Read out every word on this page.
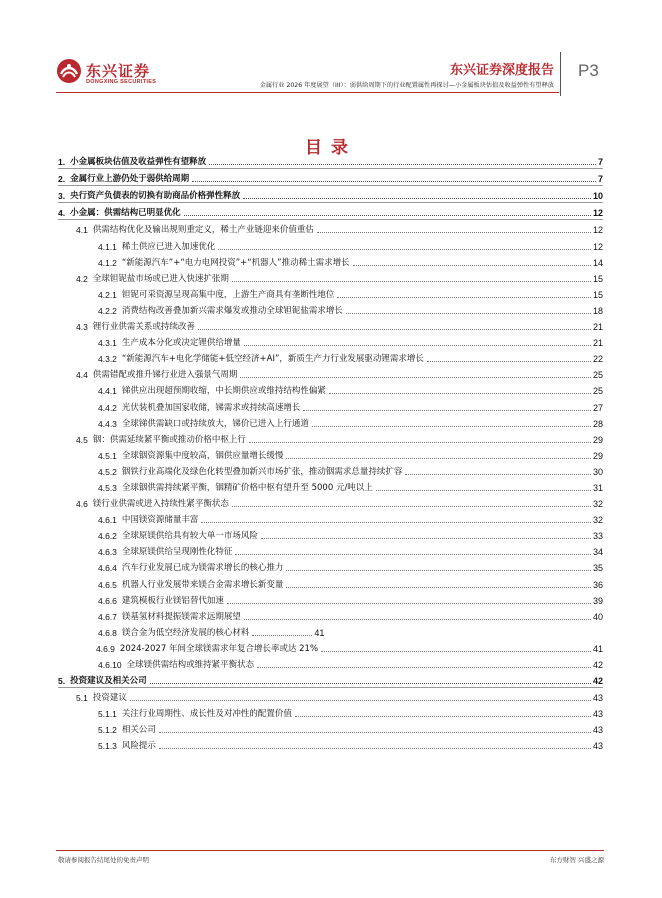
东兴证券
DONGXING SECURITIES
东兴证券深度报告 P3
金属行业 2026 年度展望（III）：弱供给周期下的行业配置属性再探讨—小金属板块估值及收益弹性有望释放
目录
1. 小金属板块估值及收益弹性有望释放	7
2. 金属行业上游仍处于弱供给周期	7
3. 央行资产负债表的切换有助商品价格弹性释放	10
4. 小金属：供需结构已明显优化	12
4.1 供需结构优化及输出规则重定义，稀土产业链迎来价值重估	12
4.1.1 稀土供应已进入加速优化	12
4.1.2 “新能源汽车”+“电力电网投资”+“机器人”推动稀土需求增长	14
4.2 全球钽铌盐市场或已进入快速扩张期	15
4.2.1 钽铌可采资源呈现高集中度，上游生产商具有垄断性地位	15
4.2.2 消费结构改善叠加新兴需求爆发或推动全球钽铌盐需求增长	18
4.3 锂行业供需关系或持续改善	21
4.3.1 生产成本分化或决定锂供给增量	21
4.3.2 “新能源汽车+电化学储能+低空经济+AI”，新质生产力行业发展驱动锂需求增长	22
4.4 供需错配或推升锑行业进入强景气周期	25
4.4.1 锑供应出现超预期收缩，中长期供应或维持结构性偏紧	25
4.4.2 光伏装机叠加国家收储，锑需求或持续高速增长	27
4.4.3 全球锑供需缺口或持续放大，锑价已进入上行通道	28
4.5 铟：供需延续紧平衡或推动价格中枢上行	29
4.5.1 全球铟资源集中度较高，铟供应量增长缓慢	29
4.5.2 铟铁行业高端化及绿色化转型叠加新兴市场扩张，推动铟需求总量持续扩容	30
4.5.3 全球铟供需持续紧平衡，铟精矿价格中枢有望升至 5000 元/吨以上	31
4.6 镁行业供需或进入持续性紧平衡状态	32
4.6.1 中国镁资源储量丰富	32
4.6.2 全球原镁供给具有较大单一市场风险	33
4.6.3 全球原镁供给呈现刚性化特征	34
4.6.4 汽车行业发展已成为镁需求增长的核心推力	35
4.6.5 机器人行业发展带来镁合金需求增长新变量	36
4.6.6 建筑模板行业镁铝替代加速	39
4.6.7 镁基氢材料提振镁需求远期展望	40
4.6.8 镁合金为低空经济发展的核心材料	41
4.6.9 2024-2027 年间全球镁需求年复合增长率或达 21%	41
4.6.10 全球镁供需结构或维持紧平衡状态	42
5. 投资建议及相关公司	42
5.1 投资建议	43
5.1.1 关注行业周期性、成长性及对冲性的配置价值	43
5.1.2 相关公司	43
5.1.3 风险提示	43
敬请参阅报告结尾处的免责声明	东方财智 兴盛之源
